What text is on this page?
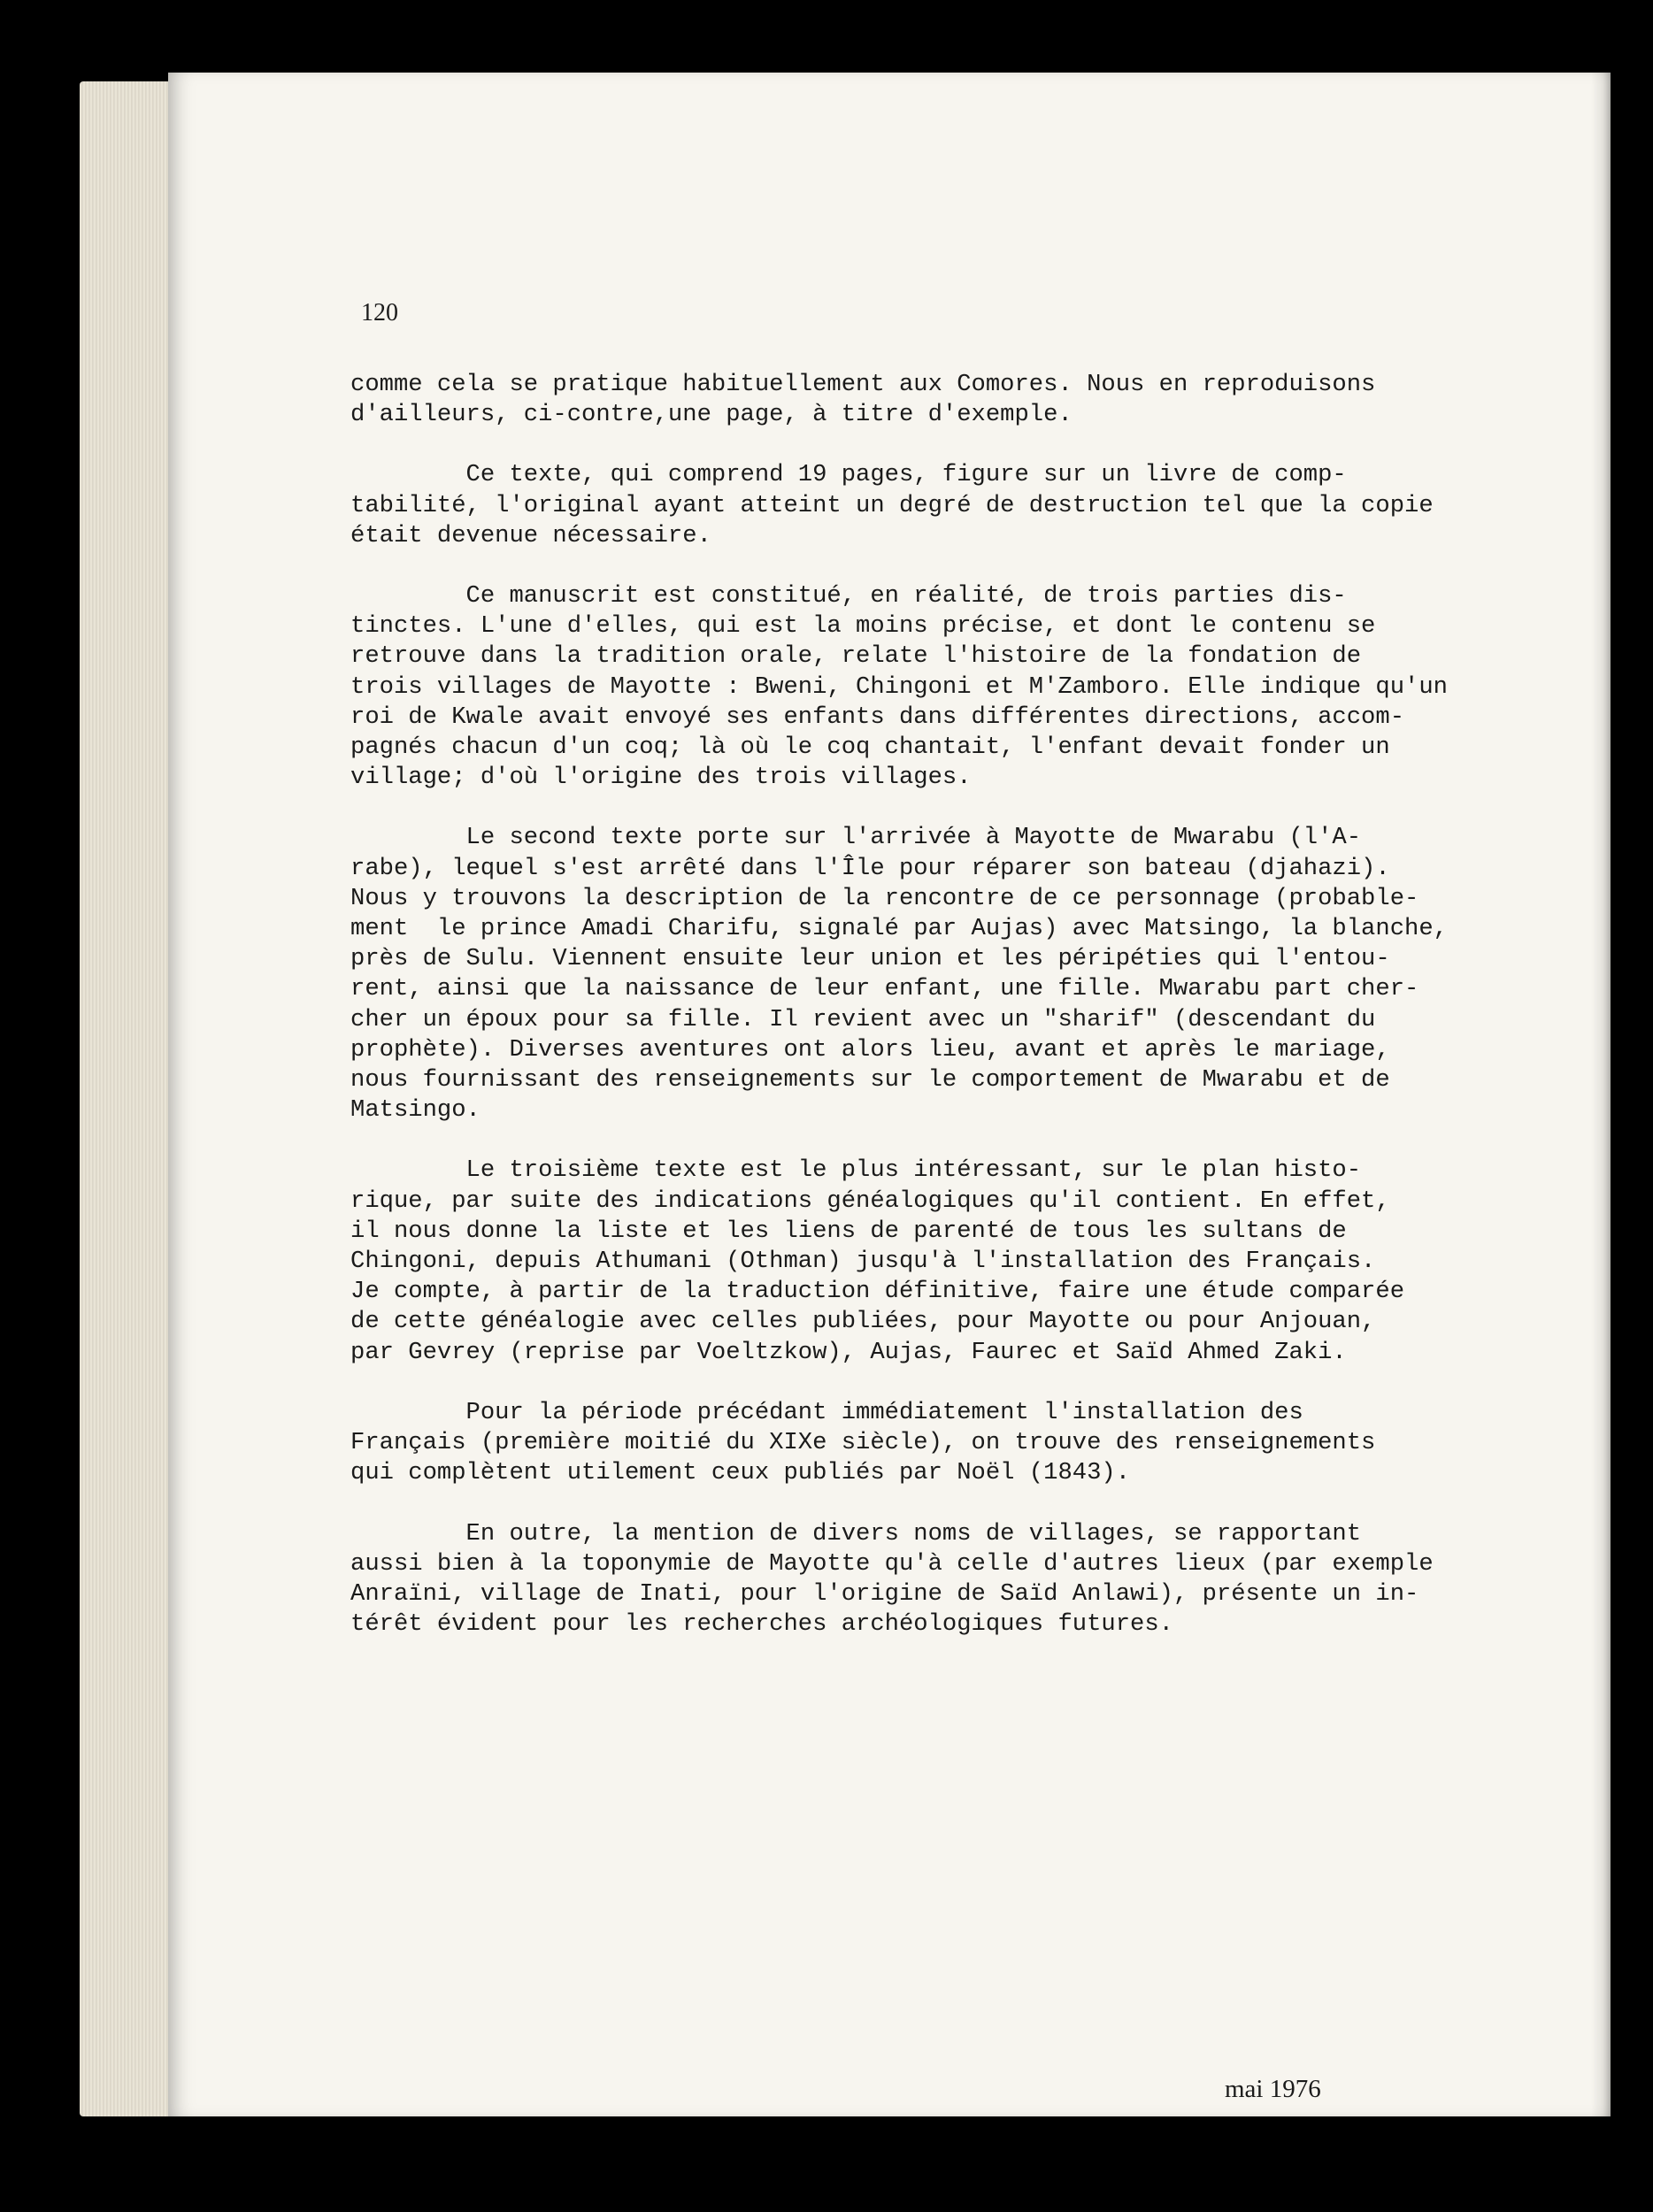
120
comme cela se pratique habituellement aux Comores. Nous en reproduisons
d'ailleurs, ci-contre,une page, à titre d'exemple.
Ce texte, qui comprend 19 pages, figure sur un livre de comp-
tabilité, l'original ayant atteint un degré de destruction tel que la copie
était devenue nécessaire.
Ce manuscrit est constitué, en réalité, de trois parties dis-
tinctes. L'une d'elles, qui est la moins précise, et dont le contenu se
retrouve dans la tradition orale, relate l'histoire de la fondation de
trois villages de Mayotte : Bweni, Chingoni et M'Zamboro. Elle indique qu'un
roi de Kwale avait envoyé ses enfants dans différentes directions, accom-
pagnés chacun d'un coq; là où le coq chantait, l'enfant devait fonder un
village; d'où l'origine des trois villages.
Le second texte porte sur l'arrivée à Mayotte de Mwarabu (l'A-
rabe), lequel s'est arrêté dans l'Île pour réparer son bateau (djahazi).
Nous y trouvons la description de la rencontre de ce personnage (probable-
ment  le prince Amadi Charifu, signalé par Aujas) avec Matsingo, la blanche,
près de Sulu. Viennent ensuite leur union et les péripéties qui l'entou-
rent, ainsi que la naissance de leur enfant, une fille. Mwarabu part cher-
cher un époux pour sa fille. Il revient avec un "sharif" (descendant du
prophète). Diverses aventures ont alors lieu, avant et après le mariage,
nous fournissant des renseignements sur le comportement de Mwarabu et de
Matsingo.
Le troisième texte est le plus intéressant, sur le plan histo-
rique, par suite des indications généalogiques qu'il contient. En effet,
il nous donne la liste et les liens de parenté de tous les sultans de
Chingoni, depuis Athumani (Othman) jusqu'à l'installation des Français.
Je compte, à partir de la traduction définitive, faire une étude comparée
de cette généalogie avec celles publiées, pour Mayotte ou pour Anjouan,
par Gevrey (reprise par Voeltzkow), Aujas, Faurec et Saïd Ahmed Zaki.
Pour la période précédant immédiatement l'installation des
Français (première moitié du XIXe siècle), on trouve des renseignements
qui complètent utilement ceux publiés par Noël (1843).
En outre, la mention de divers noms de villages, se rapportant
aussi bien à la toponymie de Mayotte qu'à celle d'autres lieux (par exemple
Anraïni, village de Inati, pour l'origine de Saïd Anlawi), présente un in-
térêt évident pour les recherches archéologiques futures.
mai 1976
